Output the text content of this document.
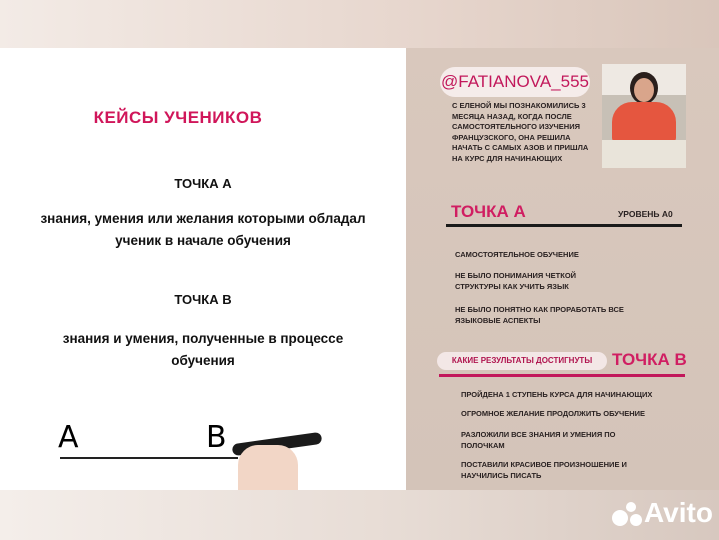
КЕЙСЫ УЧЕНИКОВ
ТОЧКА А
знания, умения или желания которыми обладал ученик в начале обучения
ТОЧКА В
знания и умения, полученные в процессе обучения
A	B
@FATIANOVA_555
С ЕЛЕНОЙ МЫ ПОЗНАКОМИЛИСЬ 3 МЕСЯЦА НАЗАД, КОГДА ПОСЛЕ САМОСТОЯТЕЛЬНОГО ИЗУЧЕНИЯ ФРАНЦУЗСКОГО, ОНА РЕШИЛА НАЧАТЬ С САМЫХ АЗОВ И ПРИШЛА НА КУРС ДЛЯ НАЧИНАЮЩИХ
ТОЧКА А	УРОВЕНЬ А0
САМОСТОЯТЕЛЬНОЕ ОБУЧЕНИЕ
НЕ БЫЛО ПОНИМАНИЯ ЧЕТКОЙ СТРУКТУРЫ КАК УЧИТЬ ЯЗЫК
НЕ БЫЛО ПОНЯТНО КАК ПРОРАБОТАТЬ ВСЕ ЯЗЫКОВЫЕ АСПЕКТЫ
КАКИЕ РЕЗУЛЬТАТЫ ДОСТИГНУТЫ	ТОЧКА В
ПРОЙДЕНА 1 СТУПЕНЬ КУРСА ДЛЯ НАЧИНАЮЩИХ
ОГРОМНОЕ ЖЕЛАНИЕ ПРОДОЛЖИТЬ ОБУЧЕНИЕ
РАЗЛОЖИЛИ ВСЕ ЗНАНИЯ И УМЕНИЯ ПО ПОЛОЧКАМ
ПОСТАВИЛИ КРАСИВОЕ ПРОИЗНОШЕНИЕ И НАУЧИЛИСЬ ПИСАТЬ
Avito
